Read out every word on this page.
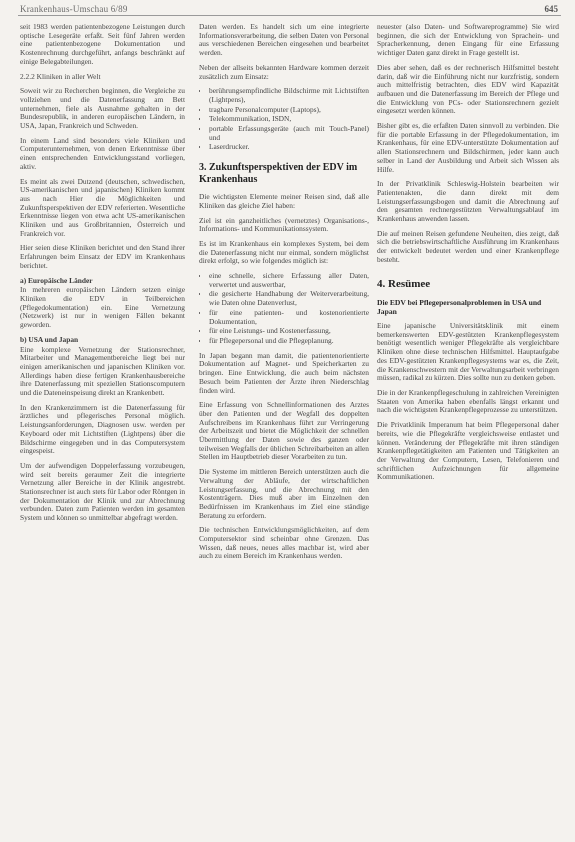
Krankenhaus-Umschau 6/89	645

seit 1983 werden patientenbezogene Leistungen durch optische Lesegeräte erfaßt. Seit fünf Jahren werden eine patientenbezogene Dokumentation und Kostenrechnung durchgeführt, anfangs beschränkt auf einige Belegabteilungen.

2.2.2 Kliniken in aller Welt

Soweit wir zu Recherchen beginnen, die Vergleiche zu vollziehen und die Datenerfassung am Bett unternehmen, fiele als Ausnahme gehalten in der Bundesrepublik, in anderen europäischen Ländern, in USA, Japan, Frankreich und Schweden.

In einem Land sind besonders viele Kliniken und Computerunternehmen, von denen Erkenntnisse über einen entsprechenden Entwicklungsstand vorliegen, aktiv.

Es meint als zwei Dutzend (deutschen, schwedischen, US-amerikanischen und japanischen) Kliniken kommt aus nach Hier die Möglichkeiten und Zukunftsperspektiven der EDV referierten. Wesentliche Erkenntnisse liegen von etwa acht US-amerikanischen Kliniken und aus Großbritannien, Österreich und Frankreich vor.

Hier seien diese Kliniken berichtet und den Stand ihrer Erfahrungen beim Einsatz der EDV im Krankenhaus berichtet.

a) Europäische Länder

In mehreren europäischen Ländern setzen einige Kliniken die EDV in Teilbereichen (Pflegedokumentation) ein. Eine Vernetzung (Netzwerk) ist nur in wenigen Fällen bekannt geworden.

b) USA und Japan

Eine komplexe Vernetzung der Stationsrechner, Mitarbeiter und Managementbereiche liegt bei nur einigen amerikanischen und japanischen Kliniken vor. Allerdings haben diese fertigen Krankenhausbereiche ihre Datenerfassung mit speziellen Stationscomputern und die Dateneinspeisung direkt an Krankenbett.

In den Krankenzimmern ist die Datenerfassung für ärztliches und pflegerisches Personal möglich. Leistungsanforderungen, Diagnosen usw. werden per Keyboard oder mit Lichtstiften (Lightpens) über die Bildschirme eingegeben und in das Computersystem eingespeist.

Um der aufwendigen Doppelerfassung vorzubeugen, wird seit bereits geraumer Zeit die integrierte Vernetzung aller Bereiche in der Klinik angestrebt. Stationsrechner ist auch stets für Labor oder Röntgen in der Dokumentation der Klinik und zur Abrechnung verbunden. Daten zum Patienten werden im gesamten System und können so unmittelbar abgefragt werden.

Daten werden. Es handelt sich um eine integrierte Informationsverarbeitung, die selben Daten von Personal aus verschiedenen Bereichen eingesehen und bearbeitet werden.

Neben der allseits bekannten Hardware kommen derzeit zusätzlich zum Einsatz:

• berührungsempfindliche Bildschirme mit Lichtstiften (Lightpens),
• tragbare Personalcomputer (Laptops),
• Telekommunikation, ISDN,
• portable Erfassungsgeräte (auch mit Touch-Panel) und
• Laserdrucker.
3. Zukunftsperspektiven der EDV im Krankenhaus

Die wichtigsten Elemente meiner Reisen sind, daß alle Kliniken das gleiche Ziel haben:

Ziel ist ein ganzheitliches (vernetztes) Organisations-, Informations- und Kommunikationssystem.

Es ist im Krankenhaus ein komplexes System, bei dem die Datenerfassung nicht nur einmal, sondern möglichst direkt erfolgt, so wie folgendes möglich ist:

• eine schnelle, sichere Erfassung aller Daten, verwertet und auswertbar,
• die gesicherte Handhabung der Weiterverarbeitung, wie Daten ohne Datenverlust,
• für eine patienten- und kostenorientierte Dokumentation,
• für eine Leistungs- und Kostenerfassung,
• für Pflegepersonal und die Pflegeplanung.

In Japan begann man damit, die patientenorientierte Dokumentation auf Magnet- und Speicherkarten zu bringen. Eine Entwicklung, die auch beim nächsten Besuch beim Patienten der Ärzte ihren Niederschlag finden wird.

Eine Erfassung von Schnellinformationen des Arztes über den Patienten und der Wegfall des doppelten Aufschreibens im Krankenhaus führt zur Verringerung der Arbeitszeit und bietet die Möglichkeit der schnellen Übermittlung der Daten sowie des ganzen oder teilweisen Wegfalls der üblichen Schreibarbeiten an allen Stellen im Hauptbetrieb dieser Vorarbeiten zu tun.

Die Systeme im mittleren Bereich unterstützen auch die Verwaltung der Abläufe, der wirtschaftlichen Leistungserfassung, und die Abrechnung mit den Kostenträgern. Dies muß aber im Einzelnen den Bedürfnissen im Krankenhaus im Ziel eine ständige Beratung zu erfordern.

Die technischen Entwicklungsmöglichkeiten, auf dem Computersektor sind scheinbar ohne Grenzen. Das Wissen, daß neues, neues alles machbar ist, wird aber auch zu einem Bereich im Krankenhaus werden.

neuester (also Daten- und Softwareprogramme) Sie wird beginnen, die sich der Entwicklung von Sprachein- und Spracherkennung, denen Eingang für eine Erfassung wichtiger Daten ganz direkt in Frage gestellt ist.

Dies aber sehen, daß es der rechnerisch Hilfsmittel besteht darin, daß wir die Einführung nicht nur kurzfristig, sondern auch mittelfristig betrachten, dies EDV wird Kapazität aufbauen und die Datenerfassung im Bereich der Pflege und die Entwicklung von PCs- oder Stationsrechnern gezielt eingesetzt werden können.

Bisher gibt es, die erfaßten Daten sinnvoll zu verbinden. Die für die portable Erfassung in der Pflegedokumentation, im Krankenhaus, für eine EDV-unterstützte Dokumentation auf allen Stationsrechnern und Bildschirmen, jeder kann auch selber in Land der Ausbildung und Arbeit sich Wissen als Hilfe.

In der Privatklinik Schleswig-Holstein bearbeiten wir Patientenakten, die dann direkt mit dem Leistungserfassungsbogen und damit die Abrechnung auf den gesamten rechnergestützten Verwaltungsablauf im Krankenhaus anwenden lassen.

Die auf meinen Reisen gefundene Neuheiten, dies zeigt, daß sich die betriebswirtschaftliche Ausführung im Krankenhaus der entwickelt bedeutet werden und einer Krankenpflege besteht.

4. Resümee
Die EDV bei Pflegepersonalproblemen in USA und Japan

Eine japanische Universitätsklinik mit einem bemerkenswerten EDV-gestützten Krankenpflegesystem benötigt wesentlich weniger Pflegekräfte als vergleichbare Kliniken ohne diese technischen Hilfsmittel. Hauptaufgabe des EDV-gestützten Krankenpflegesystems war es, die Zeit, die Krankenschwestern mit der Verwaltungsarbeit verbringen müssen, radikal zu kürzen. Dies sollte nun zu denken geben.

Die in der Krankenpflegeschulung in zahlreichen Vereinigten Staaten von Amerika haben ebenfalls längst erkannt und nach die wichtigsten Krankenpflegeprozesse zu unterstützen.

Die Privatklinik Imperanum hat beim Pflegepersonal daher bereits, wie die Pflegekräfte vergleichsweise entlastet und können. Veränderung der Pflegekräfte mit ihren ständigen Krankenpflegetätigkeiten am Patienten und Tätigkeiten an der Verwaltung der Computern, Lesen, Telefonieren und schriftlichen Aufzeichnungen für allgemeine Kommunikationen.
